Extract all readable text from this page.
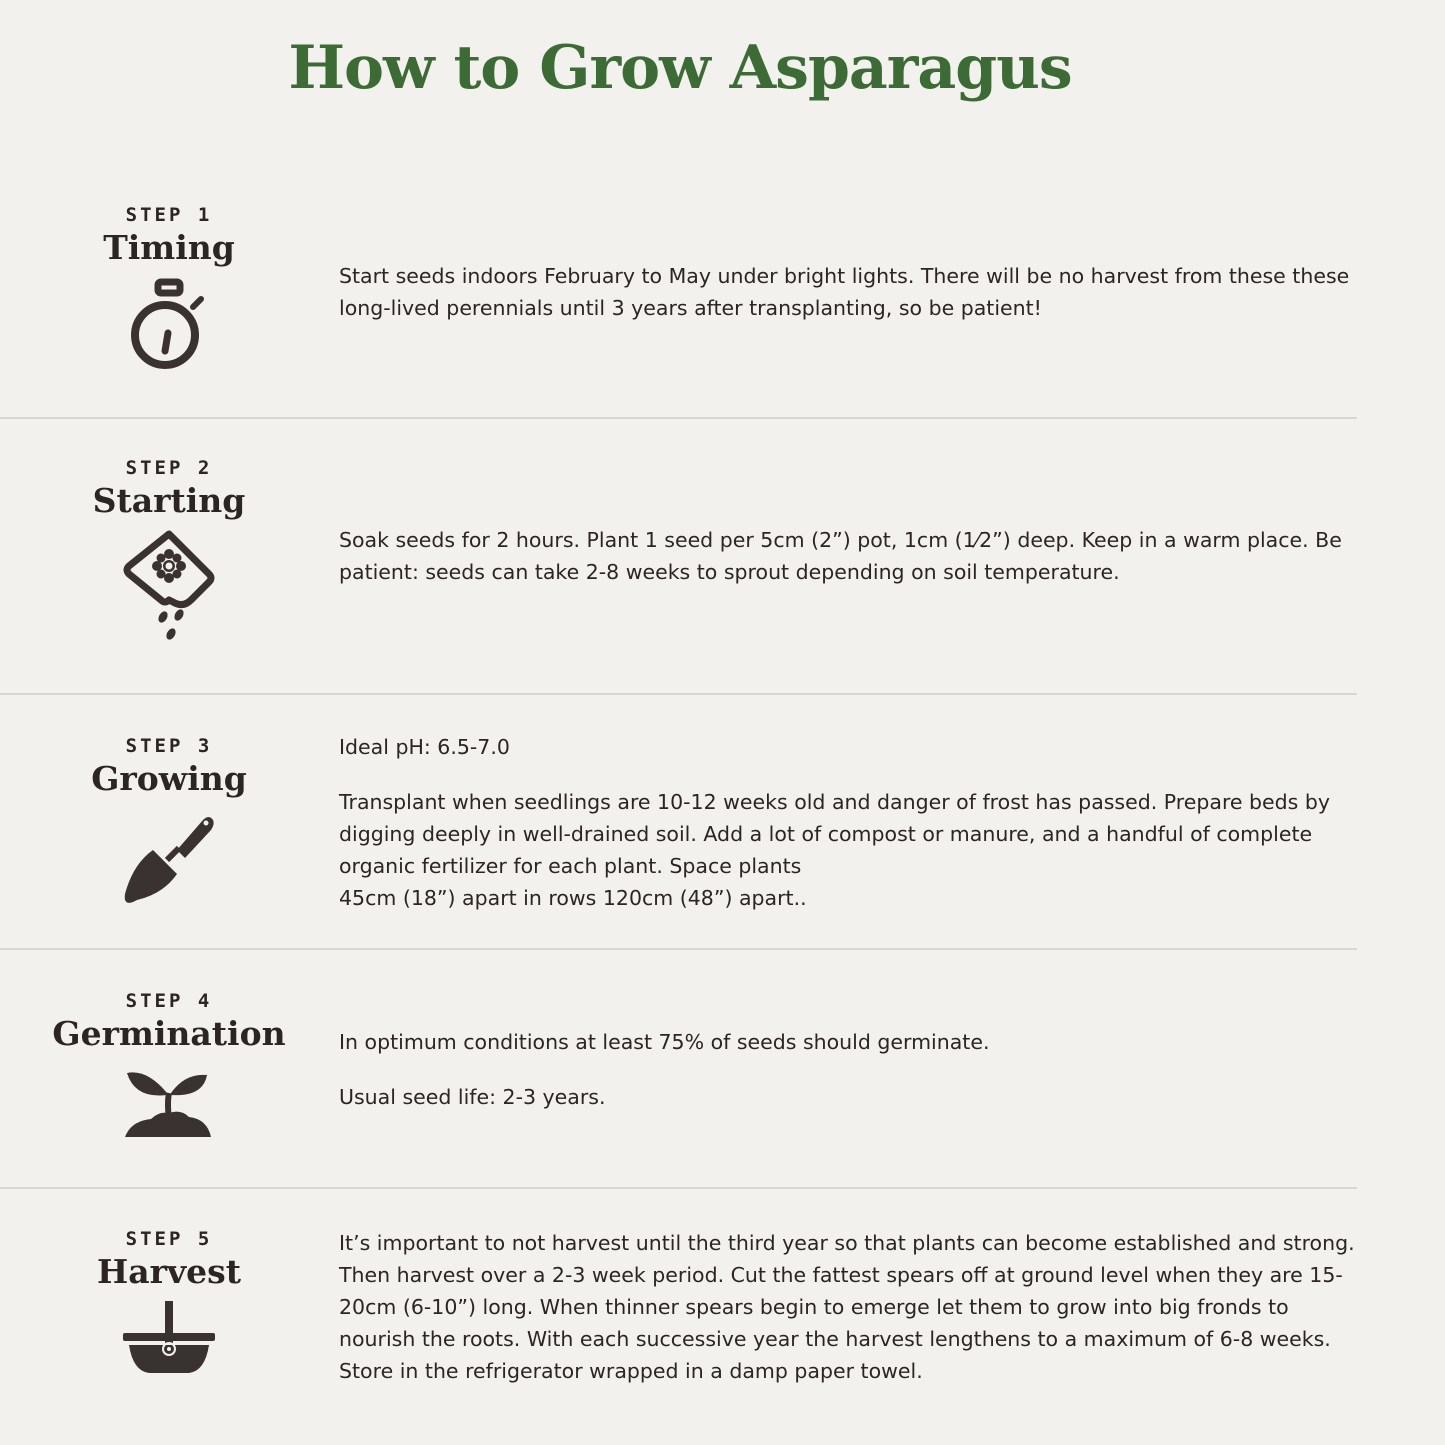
How to Grow Asparagus
STEP 1
Timing

Start seeds indoors February to May under bright lights. There will be no harvest from these these long-lived perennials until 3 years after transplanting, so be patient!

STEP 2
Starting

Soak seeds for 2 hours. Plant 1 seed per 5cm (2”) pot, 1cm (1⁄2”) deep. Keep in a warm place. Be patient: seeds can take 2-8 weeks to sprout depending on soil temperature.

STEP 3
Growing

Ideal pH: 6.5-7.0

Transplant when seedlings are 10-12 weeks old and danger of frost has passed. Prepare beds by digging deeply in well-drained soil. Add a lot of compost or manure, and a handful of complete organic fertilizer for each plant. Space plants
45cm (18”) apart in rows 120cm (48”) apart..
STEP 4
Germination	In optimum conditions at least 75% of seeds should germinate.

Usual seed life: 2-3 years.

STEP 5
Harvest

It’s important to not harvest until the third year so that plants can become established and strong. Then harvest over a 2-3 week period. Cut the fattest spears off at ground level when they are 15-20cm (6-10”) long. When thinner spears begin to emerge let them to grow into big fronds to nourish the roots. With each successive year the harvest lengthens to a maximum of 6-8 weeks. Store in the refrigerator wrapped in a damp paper towel.
